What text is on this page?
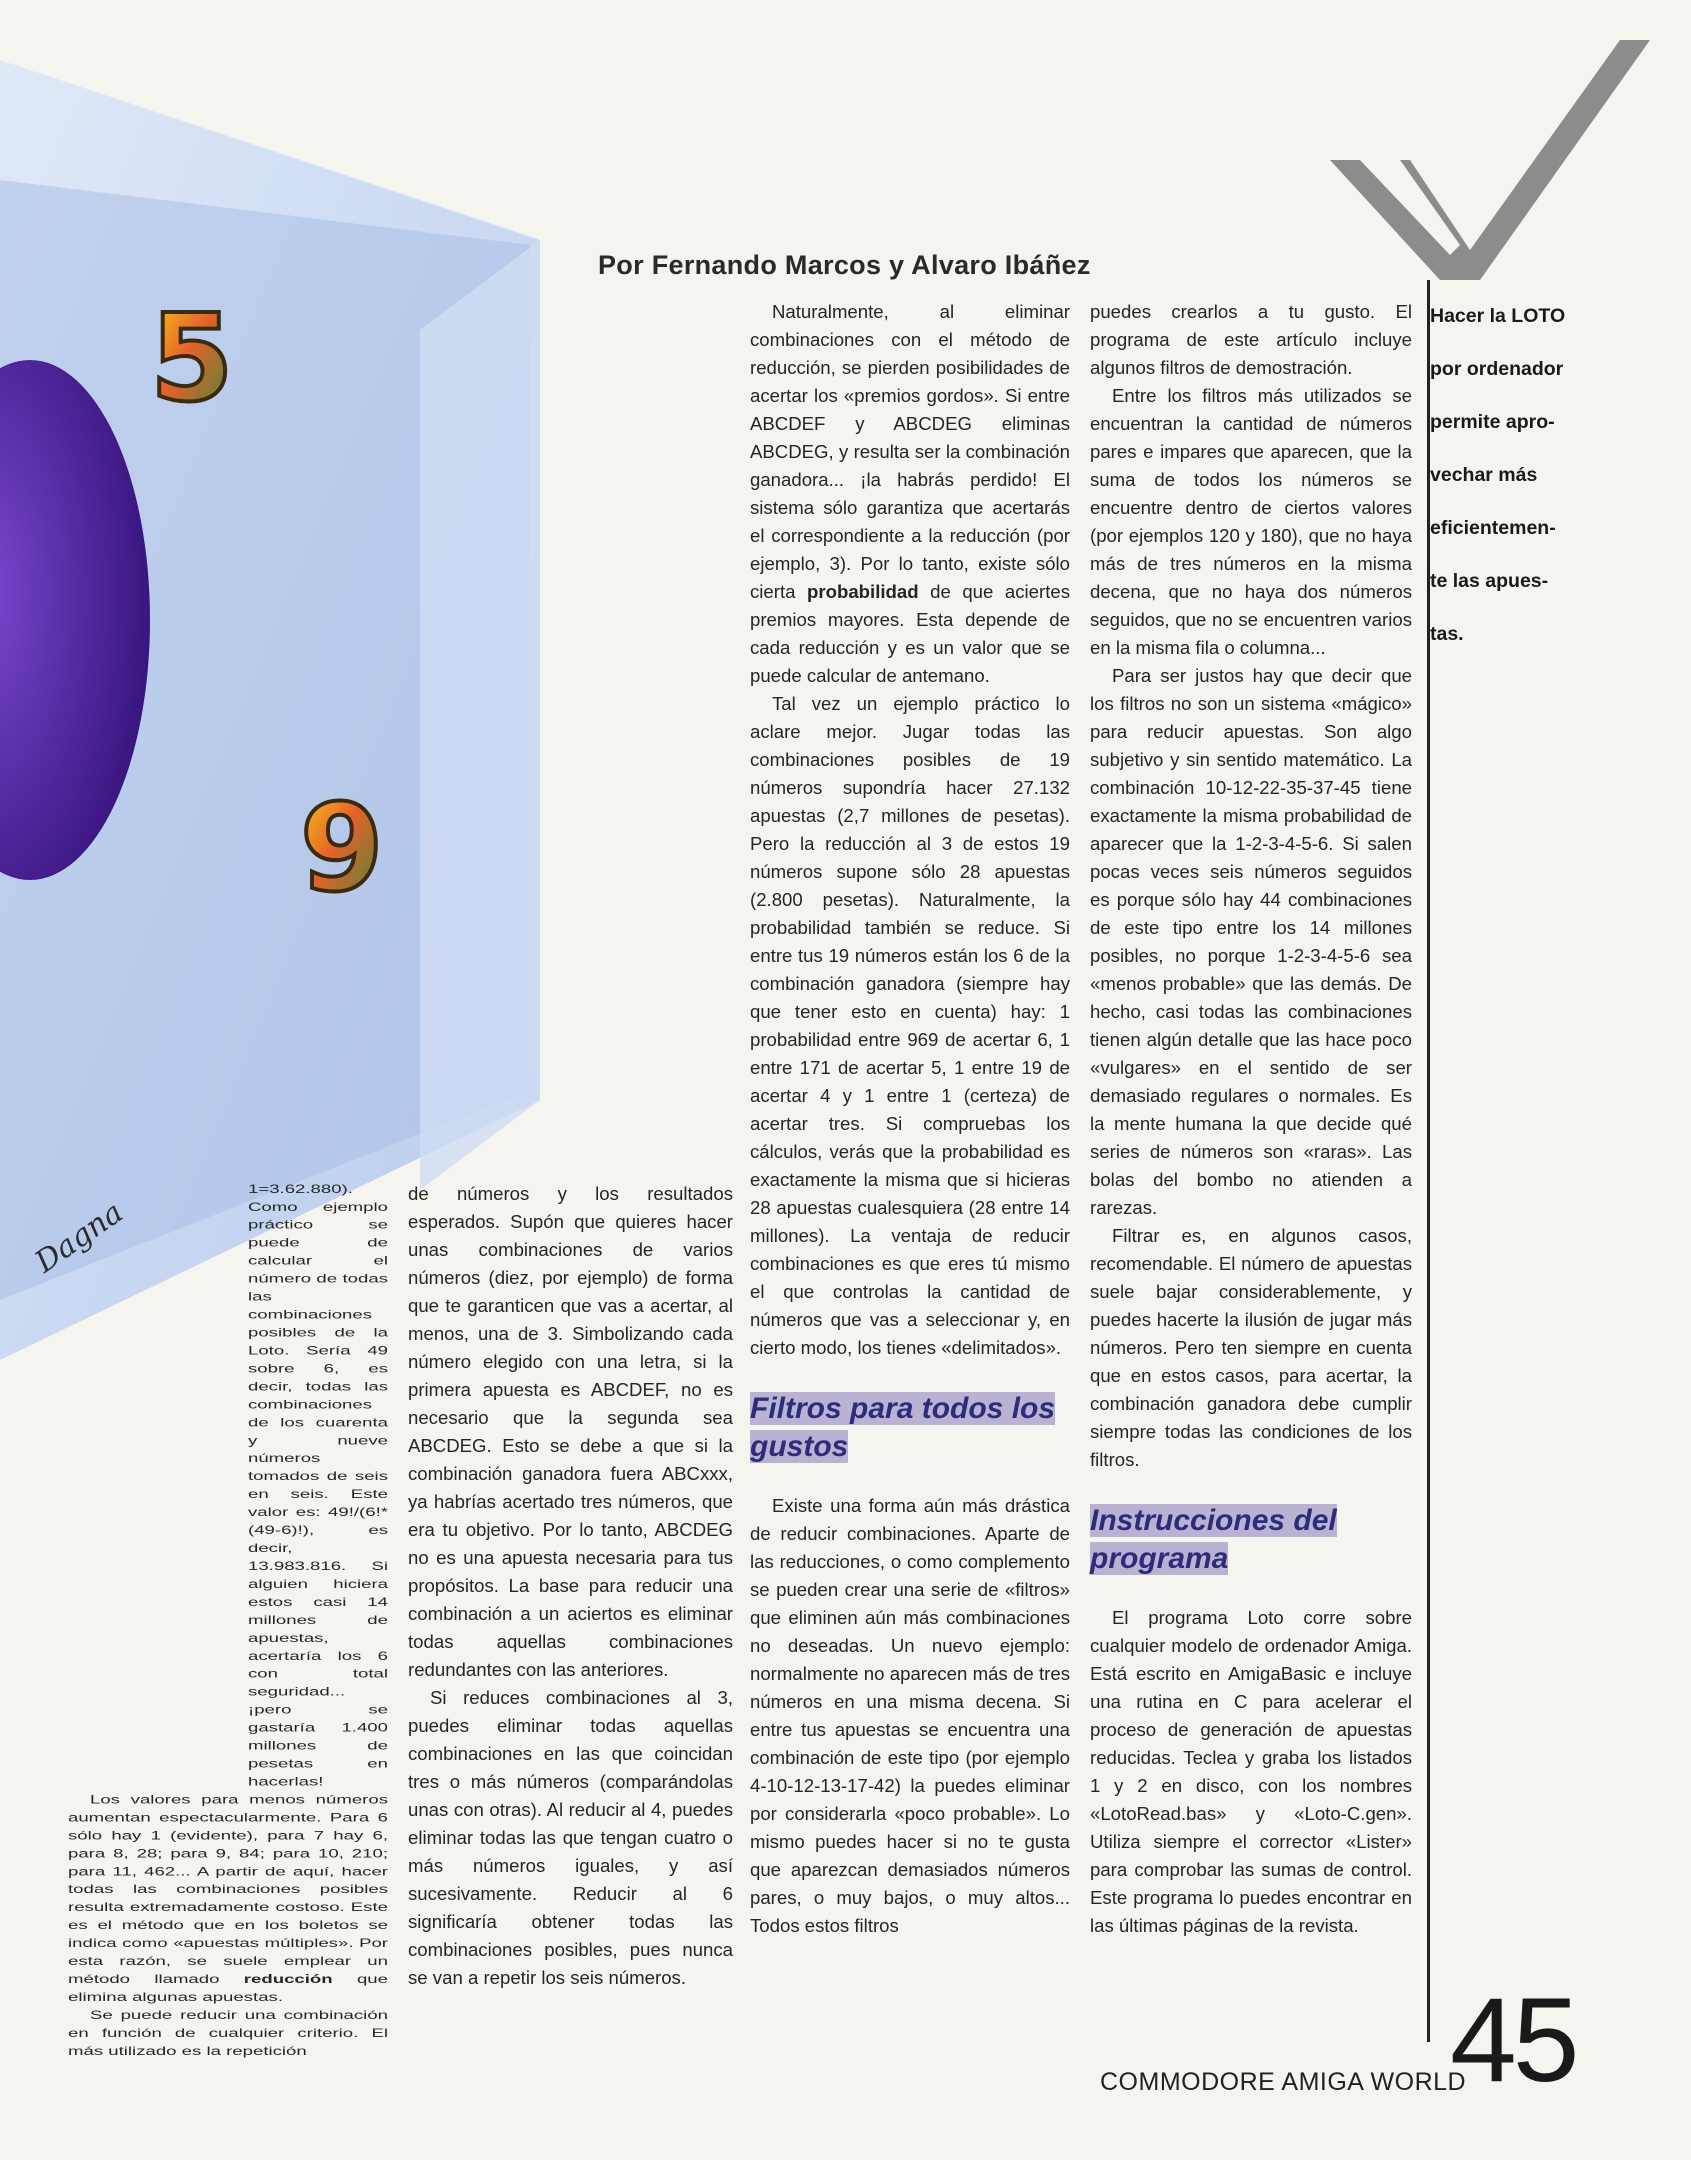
5
9
Dagna
Por Fernando Marcos y Alvaro Ibáñez

1=3.62.880). Como ejemplo práctico se puede de calcular el número de todas las combinaciones posibles de la Loto. Sería 49 sobre 6, es decir, todas las combinaciones de los cuarenta y nueve números tomados de seis en seis. Este valor es: 49!/(6!*(49-6)!), es decir, 13.983.816. Si alguien hiciera estos casi 14 millones de apuestas, acertaría los 6 con total seguridad... ¡pero se gastaría 1.400 millones de pesetas en hacerlas!

Los valores para menos números aumentan espectacularmente. Para 6 sólo hay 1 (evidente), para 7 hay 6, para 8, 28; para 9, 84; para 10, 210; para 11, 462... A partir de aquí, hacer todas las combinaciones posibles resulta extremadamente costoso. Este es el método que en los boletos se indica como «apuestas múltiples». Por esta razón, se suele emplear un método llamado reducción que elimina algunas apuestas.

Se puede reducir una combinación en función de cualquier criterio. El más utilizado es la repetición

de números y los resultados esperados. Supón que quieres hacer unas combinaciones de varios números (diez, por ejemplo) de forma que te garanticen que vas a acertar, al menos, una de 3. Simbolizando cada número elegido con una letra, si la primera apuesta es ABCDEF, no es necesario que la segunda sea ABCDEG. Esto se debe a que si la combinación ganadora fuera ABCxxx, ya habrías acertado tres números, que era tu objetivo. Por lo tanto, ABCDEG no es una apuesta necesaria para tus propósitos. La base para reducir una combinación a un aciertos es eliminar todas aquellas combinaciones redundantes con las anteriores.

Si reduces combinaciones al 3, puedes eliminar todas aquellas combinaciones en las que coincidan tres o más números (comparándolas unas con otras). Al reducir al 4, puedes eliminar todas las que tengan cuatro o más números iguales, y así sucesivamente. Reducir al 6 significaría obtener todas las combinaciones posibles, pues nunca se van a repetir los seis números.

Naturalmente, al eliminar combinaciones con el método de reducción, se pierden posibilidades de acertar los «premios gordos». Si entre ABCDEF y ABCDEG eliminas ABCDEG, y resulta ser la combinación ganadora... ¡la habrás perdido! El sistema sólo garantiza que acertarás el correspondiente a la reducción (por ejemplo, 3). Por lo tanto, existe sólo cierta probabilidad de que aciertes premios mayores. Esta depende de cada reducción y es un valor que se puede calcular de antemano.

Tal vez un ejemplo práctico lo aclare mejor. Jugar todas las combinaciones posibles de 19 números supondría hacer 27.132 apuestas (2,7 millones de pesetas). Pero la reducción al 3 de estos 19 números supone sólo 28 apuestas (2.800 pesetas). Naturalmente, la probabilidad también se reduce. Si entre tus 19 números están los 6 de la combinación ganadora (siempre hay que tener esto en cuenta) hay: 1 probabilidad entre 969 de acertar 6, 1 entre 171 de acertar 5, 1 entre 19 de acertar 4 y 1 entre 1 (certeza) de acertar tres. Si compruebas los cálculos, verás que la probabilidad es exactamente la misma que si hicieras 28 apuestas cualesquiera (28 entre 14 millones). La ventaja de reducir combinaciones es que eres tú mismo el que controlas la cantidad de números que vas a seleccionar y, en cierto modo, los tienes «delimitados».

Filtros para todos los gustos

Existe una forma aún más drástica de reducir combinaciones. Aparte de las reducciones, o como complemento se pueden crear una serie de «filtros» que eliminen aún más combinaciones no deseadas. Un nuevo ejemplo: normalmente no aparecen más de tres números en una misma decena. Si entre tus apuestas se encuentra una combinación de este tipo (por ejemplo 4-10-12-13-17-42) la puedes eliminar por considerarla «poco probable». Lo mismo puedes hacer si no te gusta que aparezcan demasiados números pares, o muy bajos, o muy altos... Todos estos filtros

puedes crearlos a tu gusto. El programa de este artículo incluye algunos filtros de demostración.

Entre los filtros más utilizados se encuentran la cantidad de números pares e impares que aparecen, que la suma de todos los números se encuentre dentro de ciertos valores (por ejemplos 120 y 180), que no haya más de tres números en la misma decena, que no haya dos números seguidos, que no se encuentren varios en la misma fila o columna...

Para ser justos hay que decir que los filtros no son un sistema «mágico» para reducir apuestas. Son algo subjetivo y sin sentido matemático. La combinación 10-12-22-35-37-45 tiene exactamente la misma probabilidad de aparecer que la 1-2-3-4-5-6. Si salen pocas veces seis números seguidos es porque sólo hay 44 combinaciones de este tipo entre los 14 millones posibles, no porque 1-2-3-4-5-6 sea «menos probable» que las demás. De hecho, casi todas las combinaciones tienen algún detalle que las hace poco «vulgares» en el sentido de ser demasiado regulares o normales. Es la mente humana la que decide qué series de números son «raras». Las bolas del bombo no atienden a rarezas.

Filtrar es, en algunos casos, recomendable. El número de apuestas suele bajar considerablemente, y puedes hacerte la ilusión de jugar más números. Pero ten siempre en cuenta que en estos casos, para acertar, la combinación ganadora debe cumplir siempre todas las condiciones de los filtros.

Instrucciones del programa

El programa Loto corre sobre cualquier modelo de ordenador Amiga. Está escrito en AmigaBasic e incluye una rutina en C para acelerar el proceso de generación de apuestas reducidas. Teclea y graba los listados 1 y 2 en disco, con los nombres «LotoRead.bas» y «Loto-C.gen». Utiliza siempre el corrector «Lister» para comprobar las sumas de control. Este programa lo puedes encontrar en las últimas páginas de la revista.

Hacer la LOTO
por ordenador
permite apro-
vechar más
eficientemen-
te las apues-
tas.
COMMODORE AMIGA WORLD
45
